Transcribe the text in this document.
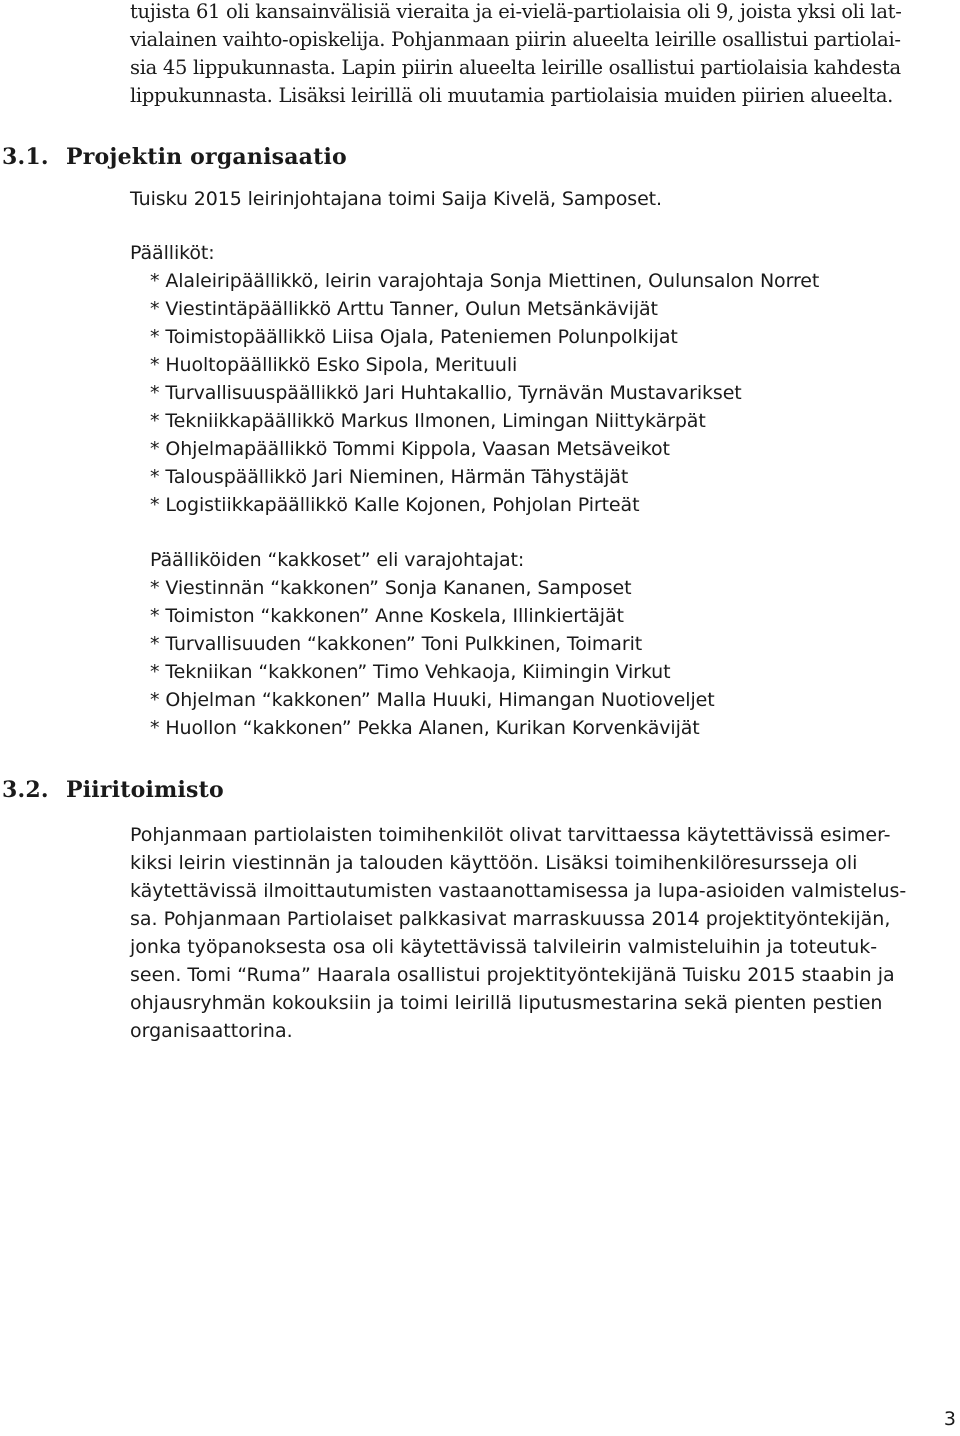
tujista 61 oli kansainvälisiä vieraita ja ei-vielä-partiolaisia oli 9, joista yksi oli lat-
vialainen vaihto-opiskelija. Pohjanmaan piirin alueelta leirille osallistui partiolai-
sia 45 lippukunnasta. Lapin piirin alueelta leirille osallistui partiolaisia kahdesta
lippukunnasta. Lisäksi leirillä oli muutamia partiolaisia muiden piirien alueelta.
3.1. Projektin organisaatio
Tuisku 2015 leirinjohtajana toimi Saija Kivelä, Samposet.
Päälliköt:
* Alaleiripäällikkö, leirin varajohtaja Sonja Miettinen, Oulunsalon Norret
* Viestintäpäällikkö Arttu Tanner, Oulun Metsänkävijät
* Toimistopäällikkö Liisa Ojala, Pateniemen Polunpolkijat
* Huoltopäällikkö Esko Sipola, Merituuli
* Turvallisuuspäällikkö Jari Huhtakallio, Tyrnävän Mustavarikset
* Tekniikkapäällikkö Markus Ilmonen, Limingan Niittykärpät
* Ohjelmapäällikkö Tommi Kippola, Vaasan Metsäveikot
* Talouspäällikkö Jari Nieminen, Härmän Tähystäjät
* Logistiikkapäällikkö Kalle Kojonen, Pohjolan Pirteät
Päälliköiden “kakkoset” eli varajohtajat:
* Viestinnän “kakkonen” Sonja Kananen, Samposet
* Toimiston “kakkonen” Anne Koskela, Illinkiertäjät
* Turvallisuuden “kakkonen” Toni Pulkkinen, Toimarit
* Tekniikan “kakkonen” Timo Vehkaoja, Kiimingin Virkut
* Ohjelman “kakkonen” Malla Huuki, Himangan Nuotioveljet
* Huollon “kakkonen” Pekka Alanen, Kurikan Korvenkävijät
3.2. Piiritoimisto
Pohjanmaan partiolaisten toimihenkilöt olivat tarvittaessa käytettävissä esimer-
kiksi leirin viestinnän ja talouden käyttöön. Lisäksi toimihenkilöresursseja oli
käytettävissä ilmoittautumisten vastaanottamisessa ja lupa-asioiden valmistelus-
sa. Pohjanmaan Partiolaiset palkkasivat marraskuussa 2014 projektityöntekijän,
jonka työpanoksesta osa oli käytettävissä talvileirin valmisteluihin ja toteutuk-
seen. Tomi “Ruma” Haarala osallistui projektityöntekijänä Tuisku 2015 staabin ja
ohjausryhmän kokouksiin ja toimi leirillä liputusmestarina sekä pienten pestien
organisaattorina.
3
